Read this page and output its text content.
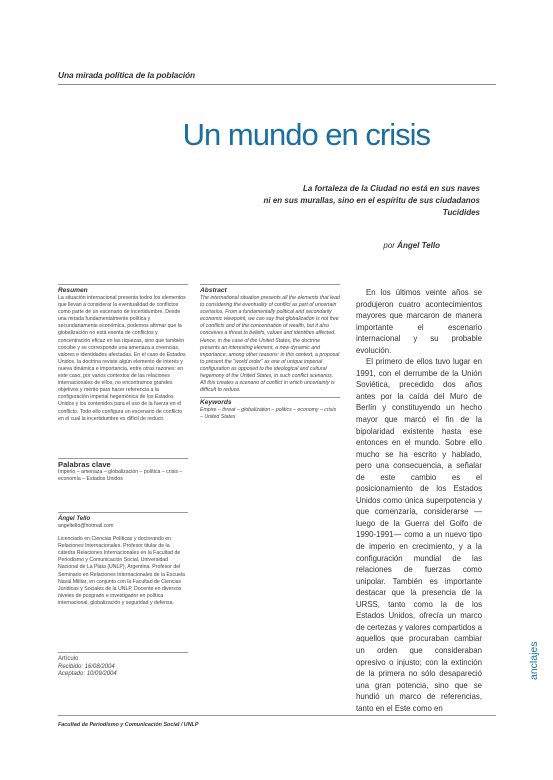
Una mirada política de la población
Un mundo en crisis
La fortaleza de la Ciudad no está en sus naves
ni en sus murallas, sino en el espíritu de sus ciudadanos
Tucídides
por Ángel Tello
Resumen

La situación internacional presenta todos los elementos que llevan a considerar la eventualidad de conflictos como parte de un escenario de incertidumbre. Desde una mirada fundamentalmente política y secundariamente económica, podemos afirmar que la globalización no está exenta de conflictos y concentración eficaz en las riquezas, sino que también concibe y se corresponde una amenaza a creencias, valores e identidades afectadas. En el caso de Estados Unidos, la doctrina reviste algún elemento de interés y nueva dinámica e importancia, entre otras razones: en este caso, por varios contextos de las relaciones internacionales de ellos, no encontramos grandes objetivos y mérito para hacer referencia a la configuración imperial hegemónica de los Estados Unidos y los contenidos para el uso de la fuerza en el conflicto. Todo ello configura un escenario de conflicto en el cual la incertidumbre es difícil de reducir.

Palabras clave

Imperio – amenaza – globalización – política – crisis – economía – Estados Unidos

Ángel Tello

angeltello@hotmail.com

Licenciado en Ciencias Políticas y doctorando en Relaciones Internacionales. Profesor titular de la cátedra Relaciones Internacionales en la Facultad de Periodismo y Comunicación Social, Universidad Nacional de La Plata (UNLP), Argentina. Profesor del Seminario en Relaciones Internacionales de la Escuela Naval Militar, en conjunto con la Facultad de Ciencias Jurídicas y Sociales de la UNLP. Docente en diversos niveles de posgrado e investigador en política internacional, globalización y seguridad y defensa.

Artículo
Recibido: 16/08/2004
Aceptado: 10/09/2004
Abstract

The international situation presents all the elements that lead to considering the eventuality of conflict as part of uncertain scenarios. From a fundamentally political and secondarily economic viewpoint, we can say that globalization is not free of conflicts and of the concentration of wealth, but it also conceives a threat to beliefs, values and identities affected. Hence, in the case of the United States, the doctrine presents an interesting element, a new dynamic and importance, among other reasons: in this context, a proposal to present the "world order" as one of unique imperial configuration as opposed to the ideological and cultural hegemony of the United States, in such conflict scenarios. All this creates a scenario of conflict in which uncertainty is difficult to reduce.

Keywords

Empire – threat – globalization – politics – economy – crisis – United States

En los últimos veinte años se produjeron cuatro acontecimientos mayores que marcaron de manera importante el escenario internacional y su probable evolución.

El primero de ellos tuvo lugar en 1991, con el derrumbe de la Unión Soviética, precedido dos años antes por la caída del Muro de Berlín y constituyendo un hecho mayor que marcó el fin de la bipolaridad existente hasta ese entonces en el mundo. Sobre ello mucho se ha escrito y hablado, pero una consecuencia, a señalar de este cambio es el posicionamiento de los Estados Unidos como única superpotencia y que comenzaría, considerarse —luego de la Guerra del Golfo de 1990-1991— como a un nuevo tipo de imperio en crecimiento, y a la configuración mundial de las relaciones de fuerzas como unipolar. También es importante destacar que la presencia de la URSS, tanto como la de los Estados Unidos, ofrecía un marco de certezas y valores compartidos a aquellos que procuraban cambiar un orden que consideraban opresivo o injusto; con la extinción de la primera no sólo desapareció una gran potencia, sino que se hundió un marco de referencias, tanto en el Este como en

anclajes
Facultad de Periodismo y Comunicación Social / UNLP
